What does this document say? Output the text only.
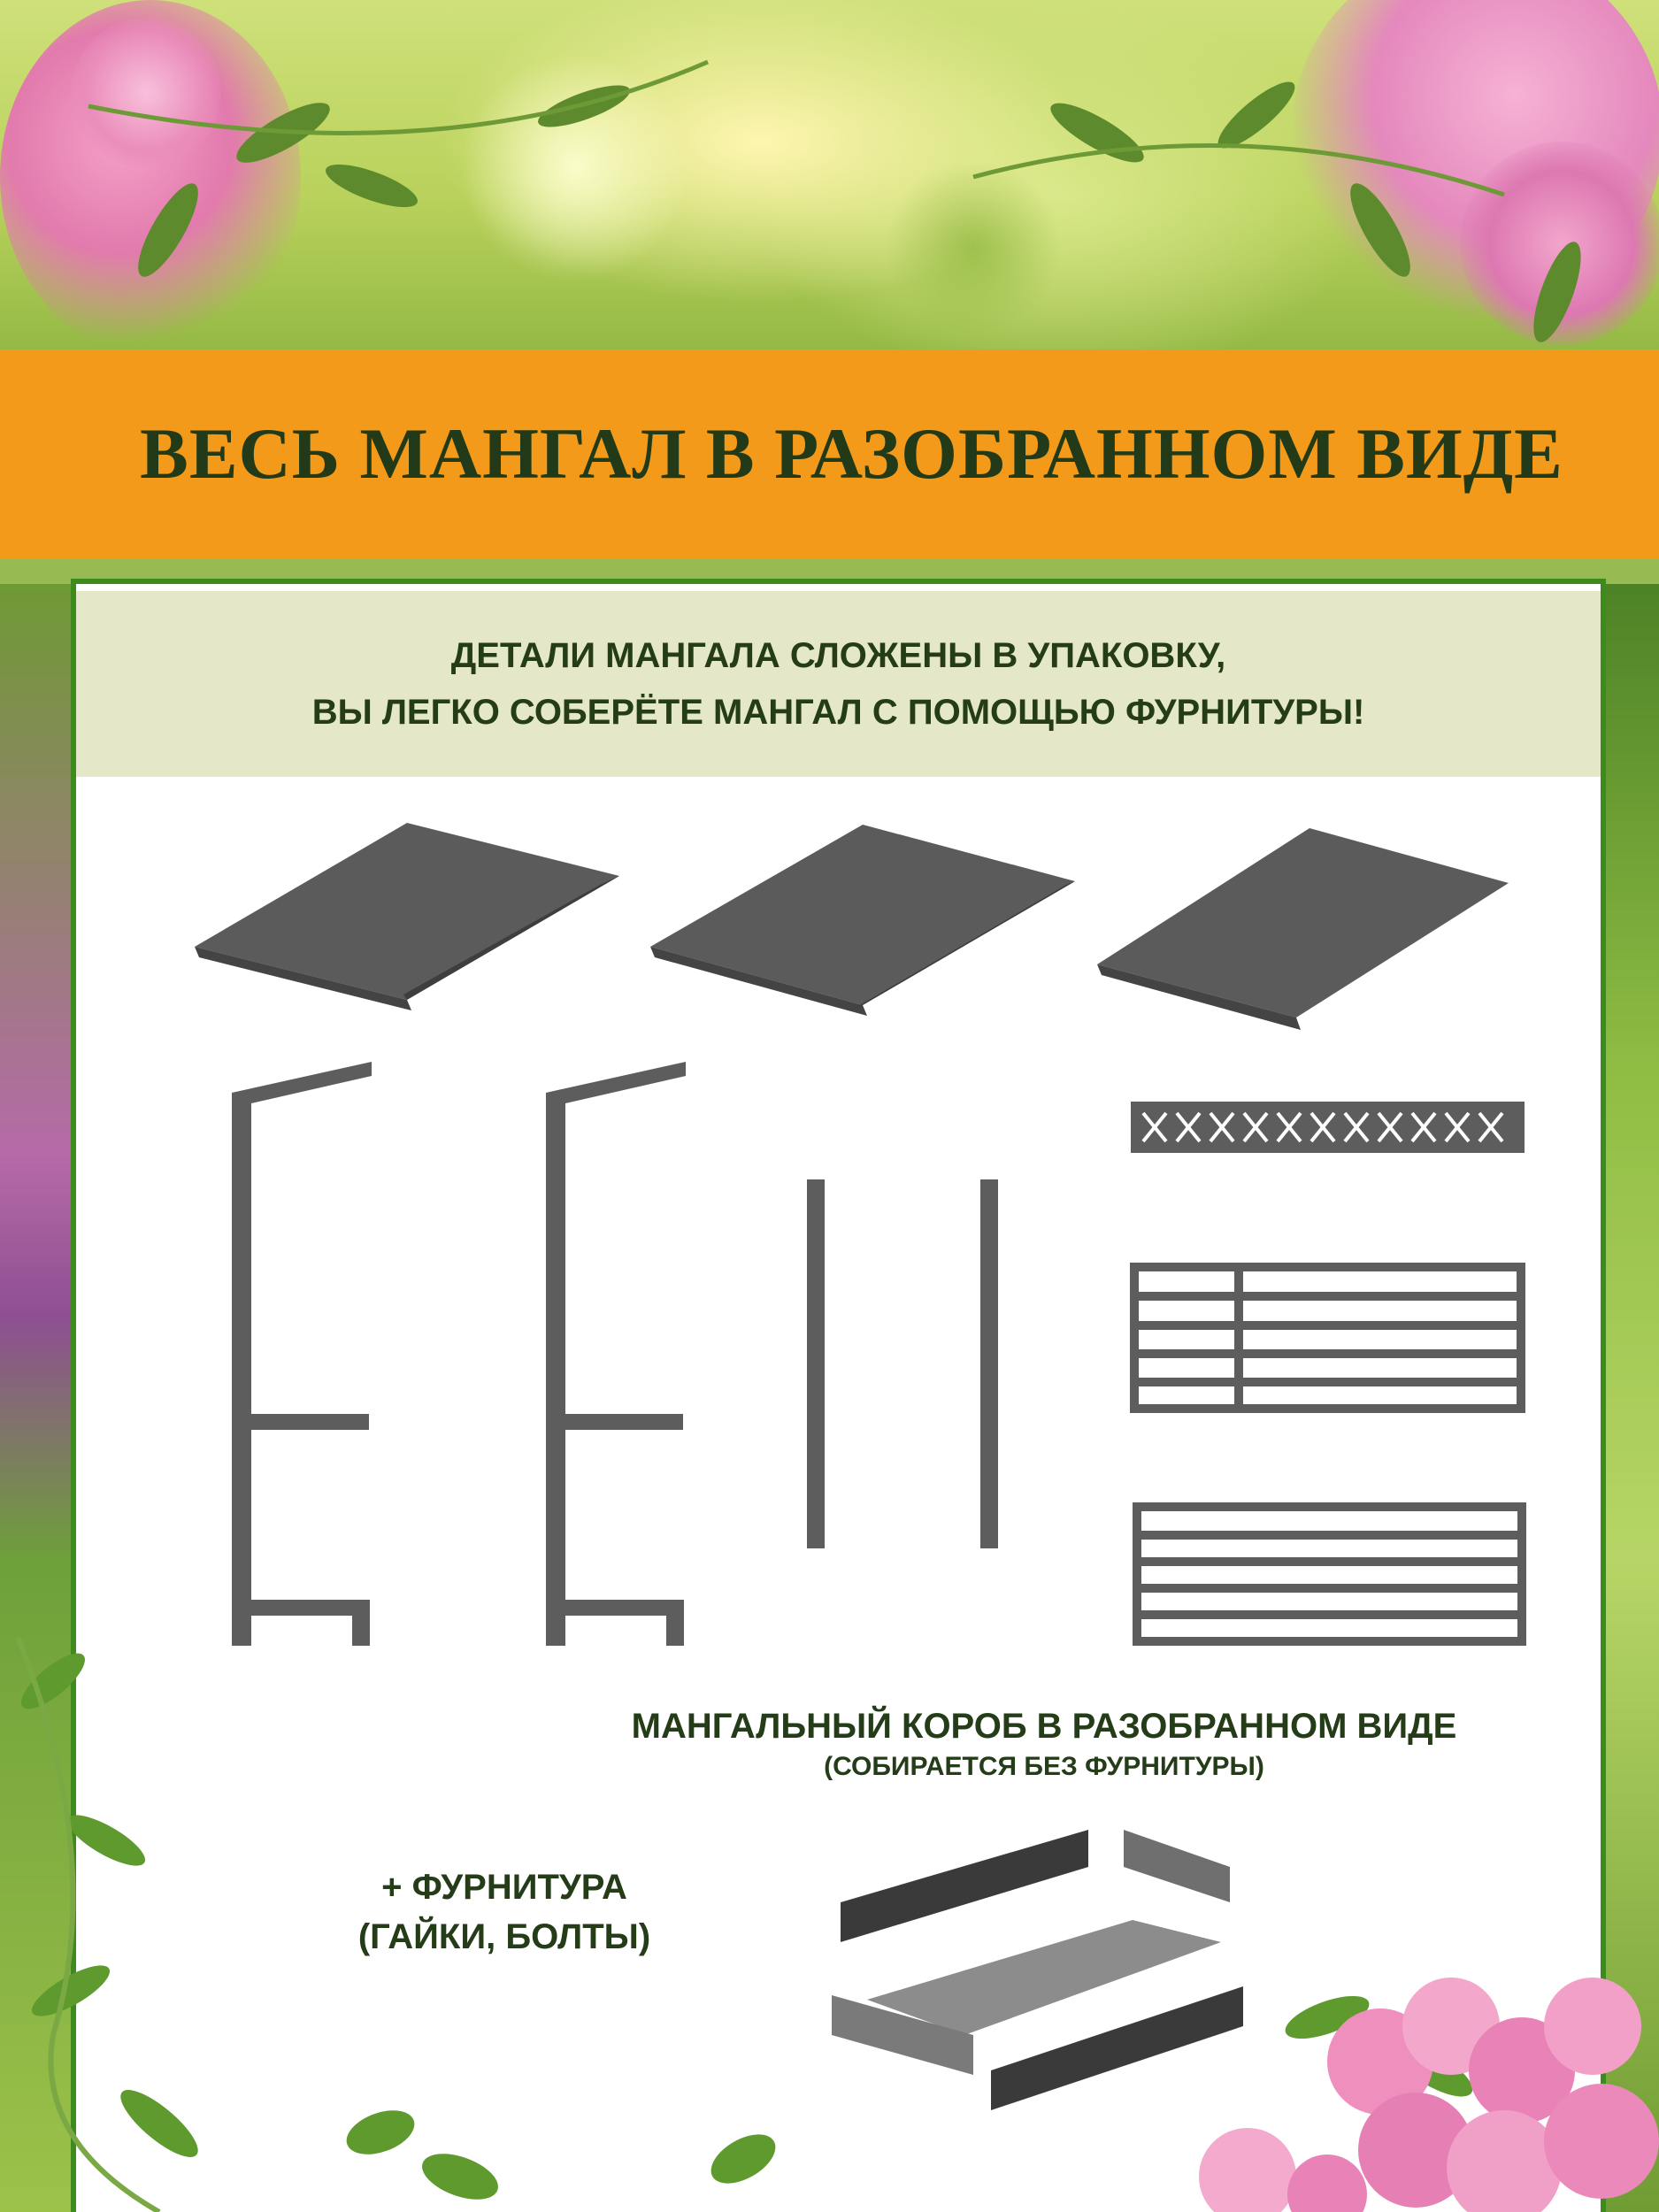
ВЕСЬ МАНГАЛ В РАЗОБРАННОМ ВИДЕ
ДЕТАЛИ МАНГАЛА СЛОЖЕНЫ В УПАКОВКУ,
ВЫ ЛЕГКО СОБЕРЁТЕ МАНГАЛ С ПОМОЩЬЮ ФУРНИТУРЫ!
МАНГАЛЬНЫЙ КОРОБ В РАЗОБРАННОМ ВИДЕ
(СОБИРАЕТСЯ БЕЗ ФУРНИТУРЫ)
+ ФУРНИТУРА
(ГАЙКИ, БОЛТЫ)
